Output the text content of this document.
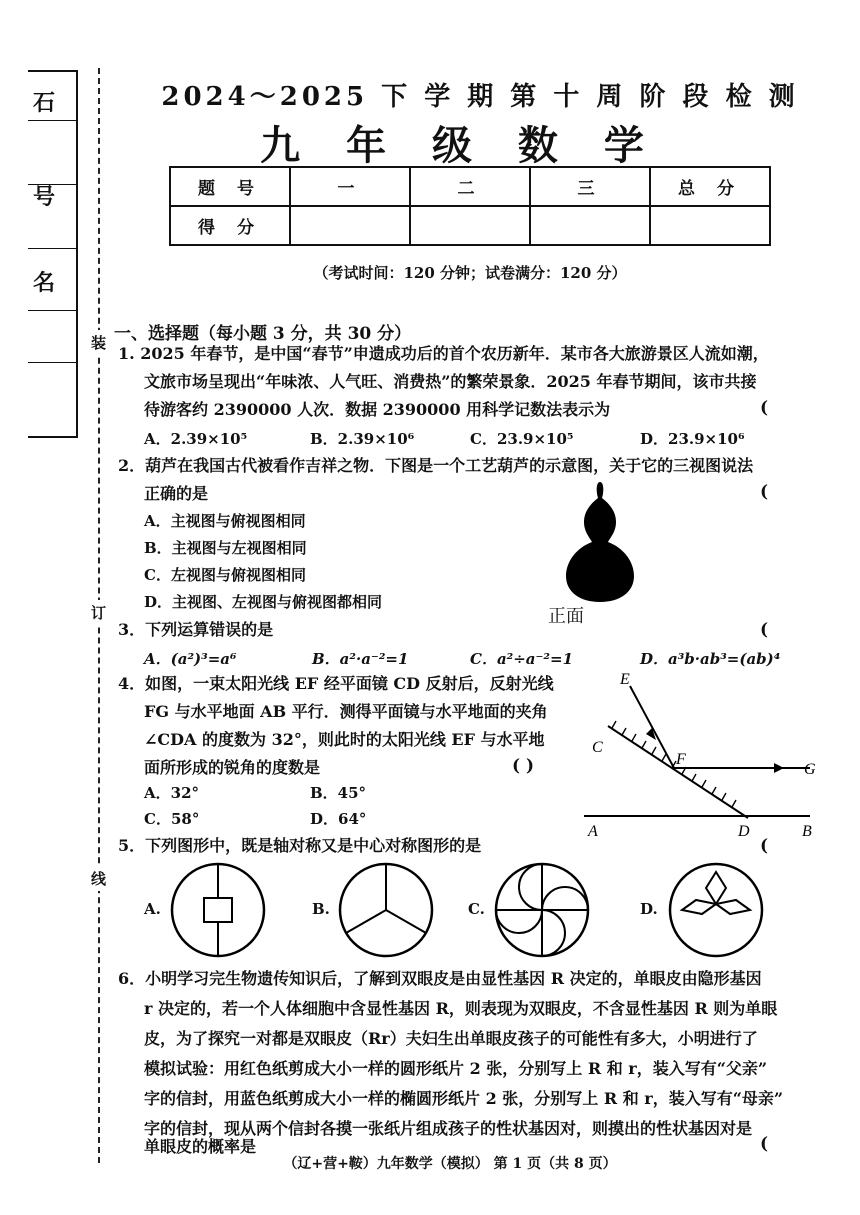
石
号
名
装
订
线
2024～2025 下 学 期 第 十 周 阶 段 检 测
九 年 级 数 学
题 号	一	二	三	总 分
得 分				
（考试时间：120 分钟；试卷满分：120 分）
一、选择题（每小题 3 分，共 30 分）
1. 2025 年春节，是中国“春节”申遗成功后的首个农历新年．某市各大旅游景区人流如潮，
文旅市场呈现出“年味浓、人气旺、消费热”的繁荣景象．2025 年春节期间，该市共接
待游客约 2390000 人次．数据 2390000 用科学记数法表示为	(
A．2.39×10⁵	B．2.39×10⁶	C．23.9×10⁵	D．23.9×10⁶
2．葫芦在我国古代被看作吉祥之物．下图是一个工艺葫芦的示意图，关于它的三视图说法
正确的是	(
A．主视图与俯视图相同
B．主视图与左视图相同
C．左视图与俯视图相同
D．主视图、左视图与俯视图都相同
正面
3．下列运算错误的是	(
A．(a²)³=a⁶	B．a²·a⁻²=1	C．a²÷a⁻²=1	D．a³b·ab³=(ab)⁴
4．如图，一束太阳光线 EF 经平面镜 CD 反射后，反射光线
FG 与水平地面 AB 平行．测得平面镜与水平地面的夹角
∠CDA 的度数为 32°，则此时的太阳光线 EF 与水平地
面所形成的锐角的度数是	( )
A．32°	B．45°
C．58°	D．64°
E
C
F
G
A	D	B
5．下列图形中，既是轴对称又是中心对称图形的是	(
A.	B.	C.	D.
6．小明学习完生物遗传知识后，了解到双眼皮是由显性基因 R 决定的，单眼皮由隐形基因
r 决定的，若一个人体细胞中含显性基因 R，则表现为双眼皮，不含显性基因 R 则为单眼
皮，为了探究一对都是双眼皮（Rr）夫妇生出单眼皮孩子的可能性有多大，小明进行了
模拟试验：用红色纸剪成大小一样的圆形纸片 2 张，分别写上 R 和 r，装入写有“父亲”
字的信封，用蓝色纸剪成大小一样的椭圆形纸片 2 张，分别写上 R 和 r，装入写有“母亲”
字的信封，现从两个信封各摸一张纸片组成孩子的性状基因对，则摸出的性状基因对是
单眼皮的概率是	(
（辽+营+鞍）九年数学（模拟） 第 1 页（共 8 页）
